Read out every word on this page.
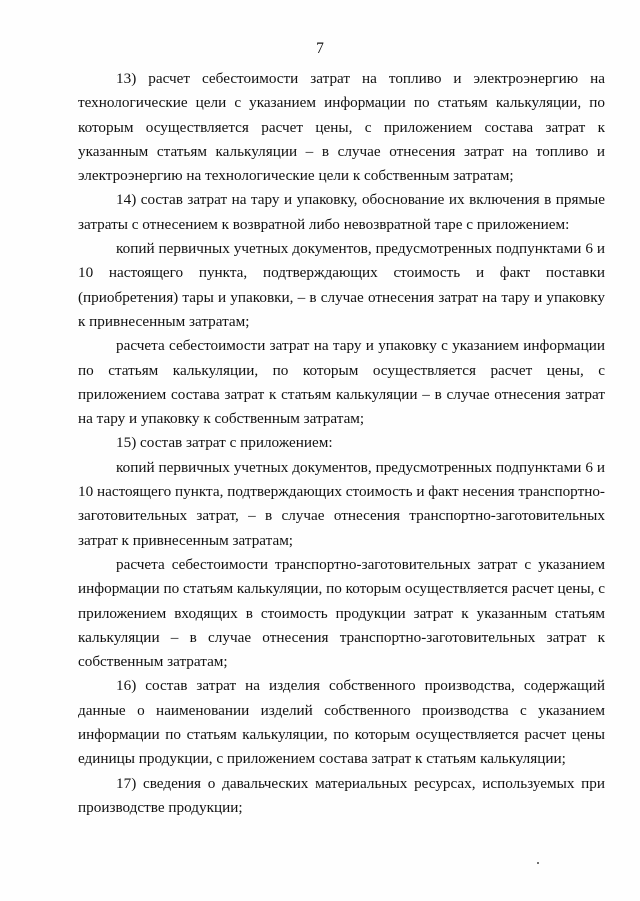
7

13) расчет себестоимости затрат на топливо и электроэнергию на технологические цели с указанием информации по статьям калькуляции, по которым осуществляется расчет цены, с приложением состава затрат к указанным статьям калькуляции – в случае отнесения затрат на топливо и электроэнергию на технологические цели к собственным затратам;

14) состав затрат на тару и упаковку, обоснование их включения в прямые затраты с отнесением к возвратной либо невозвратной таре с приложением:

копий первичных учетных документов, предусмотренных подпунктами 6 и 10 настоящего пункта, подтверждающих стоимость и факт поставки (приобретения) тары и упаковки, – в случае отнесения затрат на тару и упаковку к привнесенным затратам;

расчета себестоимости затрат на тару и упаковку с указанием информации по статьям калькуляции, по которым осуществляется расчет цены, с приложением состава затрат к статьям калькуляции – в случае отнесения затрат на тару и упаковку к собственным затратам;

15) состав затрат с приложением:

копий первичных учетных документов, предусмотренных подпунктами 6 и 10 настоящего пункта, подтверждающих стоимость и факт несения транспортно-заготовительных затрат, – в случае отнесения транспортно-заготовительных затрат к привнесенным затратам;

расчета себестоимости транспортно-заготовительных затрат с указанием информации по статьям калькуляции, по которым осуществляется расчет цены, с приложением входящих в стоимость продукции затрат к указанным статьям калькуляции – в случае отнесения транспортно-заготовительных затрат к собственным затратам;

16) состав затрат на изделия собственного производства, содержащий данные о наименовании изделий собственного производства с указанием информации по статьям калькуляции, по которым осуществляется расчет цены единицы продукции, с приложением состава затрат к статьям калькуляции;

17) сведения о давальческих материальных ресурсах, используемых при производстве продукции;
